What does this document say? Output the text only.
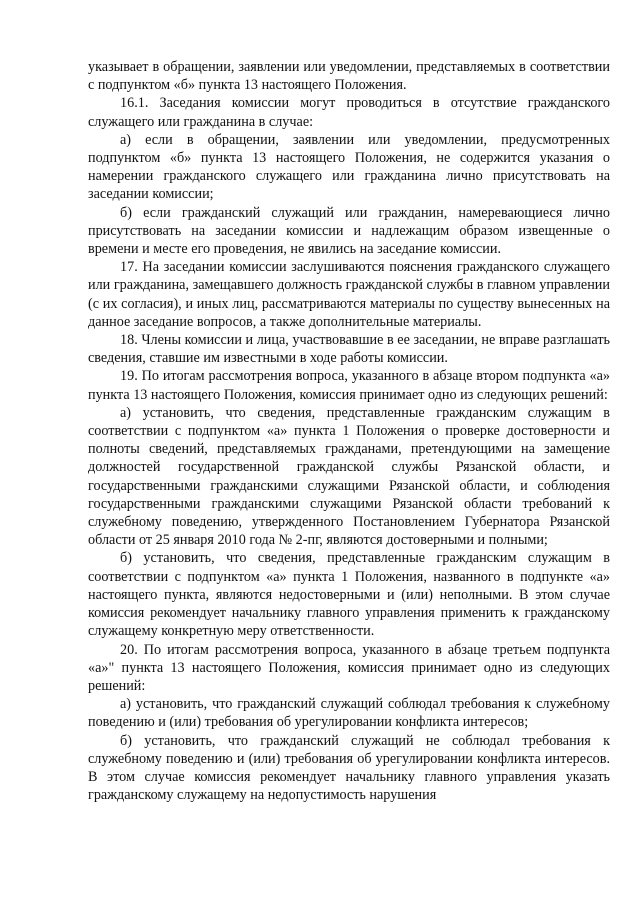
указывает в обращении, заявлении или уведомлении, представляемых в соответствии с подпунктом «б» пункта 13 настоящего Положения.

16.1. Заседания комиссии могут проводиться в отсутствие гражданского служащего или гражданина в случае:

а) если в обращении, заявлении или уведомлении, предусмотренных подпунктом «б» пункта 13 настоящего Положения, не содержится указания о намерении гражданского служащего или гражданина лично присутствовать на заседании комиссии;

б) если гражданский служащий или гражданин, намеревающиеся лично присутствовать на заседании комиссии и надлежащим образом извещенные о времени и месте его проведения, не явились на заседание комиссии.

17. На заседании комиссии заслушиваются пояснения гражданского служащего или гражданина, замещавшего должность гражданской службы в главном управлении (с их согласия), и иных лиц, рассматриваются материалы по существу вынесенных на данное заседание вопросов, а также дополнительные материалы.

18. Члены комиссии и лица, участвовавшие в ее заседании, не вправе разглашать сведения, ставшие им известными в ходе работы комиссии.

19. По итогам рассмотрения вопроса, указанного в абзаце втором подпункта «а» пункта 13 настоящего Положения, комиссия принимает одно из следующих решений:

а) установить, что сведения, представленные гражданским служащим в соответствии с подпунктом «а» пункта 1 Положения о проверке достоверности и полноты сведений, представляемых гражданами, претендующими на замещение должностей государственной гражданской службы Рязанской области, и государственными гражданскими служащими Рязанской области, и соблюдения государственными гражданскими служащими Рязанской области требований к служебному поведению, утвержденного Постановлением Губернатора Рязанской области от 25 января 2010 года № 2-пг, являются достоверными и полными;

б) установить, что сведения, представленные гражданским служащим в соответствии с подпунктом «а» пункта 1 Положения, названного в подпункте «а» настоящего пункта, являются недостоверными и (или) неполными. В этом случае комиссия рекомендует начальнику главного управления применить к гражданскому служащему конкретную меру ответственности.

20. По итогам рассмотрения вопроса, указанного в абзаце третьем подпункта «а»" пункта 13 настоящего Положения, комиссия принимает одно из следующих решений:

а) установить, что гражданский служащий соблюдал требования к служебному поведению и (или) требования об урегулировании конфликта интересов;

б) установить, что гражданский служащий не соблюдал требования к служебному поведению и (или) требования об урегулировании конфликта интересов. В этом случае комиссия рекомендует начальнику главного управления указать гражданскому служащему на недопустимость нарушения
